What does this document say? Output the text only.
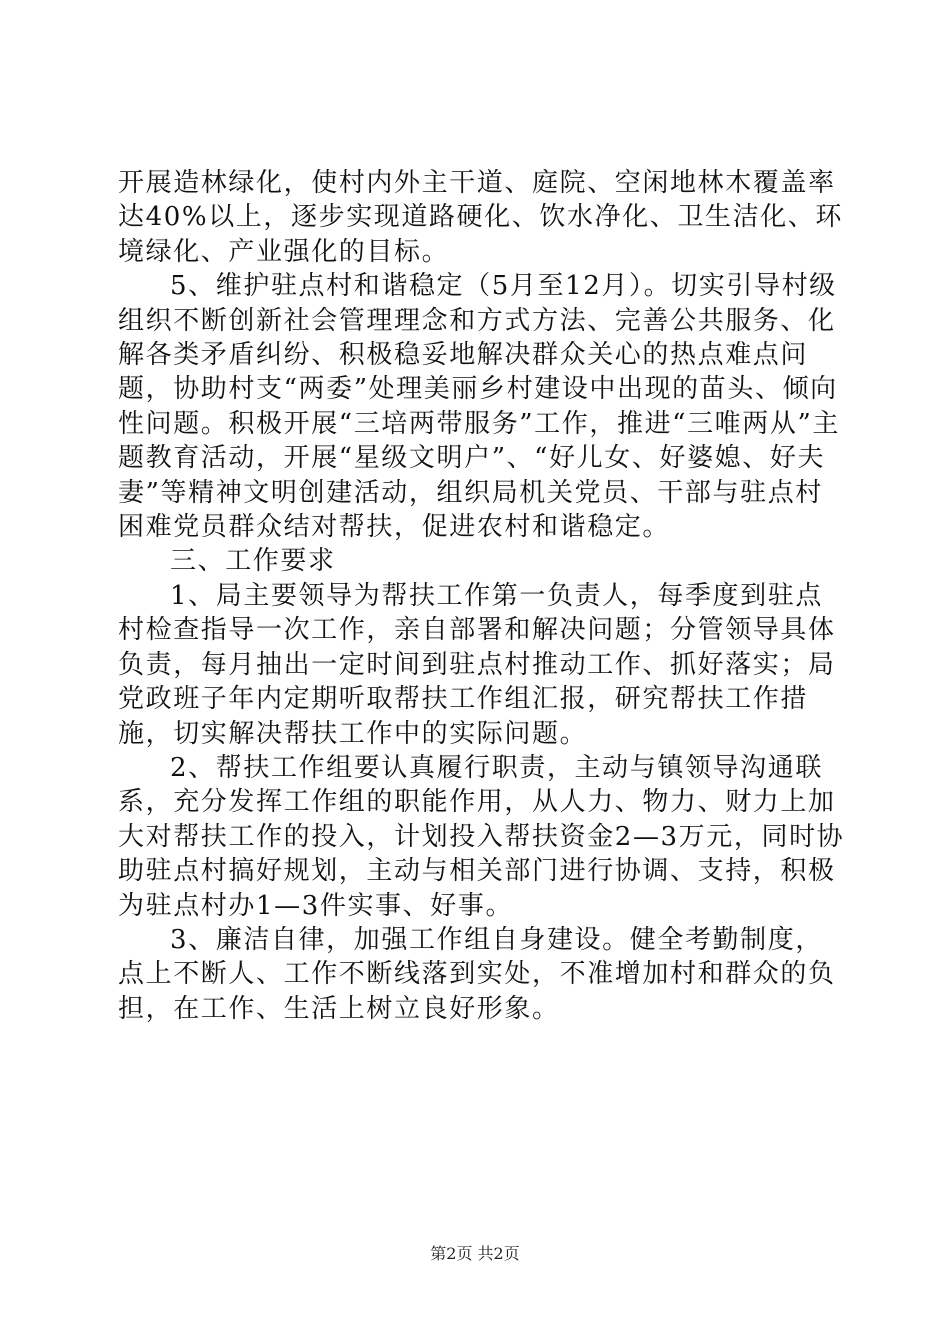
开展造林绿化，使村内外主干道、庭院、空闲地林木覆盖率达40%以上，逐步实现道路硬化、饮水净化、卫生洁化、环境绿化、产业强化的目标。

5、维护驻点村和谐稳定（5月至12月）。切实引导村级组织不断创新社会管理理念和方式方法、完善公共服务、化解各类矛盾纠纷、积极稳妥地解决群众关心的热点难点问题，协助村支“两委”处理美丽乡村建设中出现的苗头、倾向性问题。积极开展“三培两带服务”工作，推进“三唯两从”主题教育活动，开展“星级文明户”、“好儿女、好婆媳、好夫妻”等精神文明创建活动，组织局机关党员、干部与驻点村困难党员群众结对帮扶，促进农村和谐稳定。

三、工作要求

1、局主要领导为帮扶工作第一负责人，每季度到驻点村检查指导一次工作，亲自部署和解决问题；分管领导具体负责，每月抽出一定时间到驻点村推动工作、抓好落实；局党政班子年内定期听取帮扶工作组汇报，研究帮扶工作措施，切实解决帮扶工作中的实际问题。

2、帮扶工作组要认真履行职责，主动与镇领导沟通联系，充分发挥工作组的职能作用，从人力、物力、财力上加大对帮扶工作的投入，计划投入帮扶资金2—3万元，同时协助驻点村搞好规划，主动与相关部门进行协调、支持，积极为驻点村办1—3件实事、好事。

3、廉洁自律，加强工作组自身建设。健全考勤制度，点上不断人、工作不断线落到实处，不准增加村和群众的负担，在工作、生活上树立良好形象。

第2页 共2页
